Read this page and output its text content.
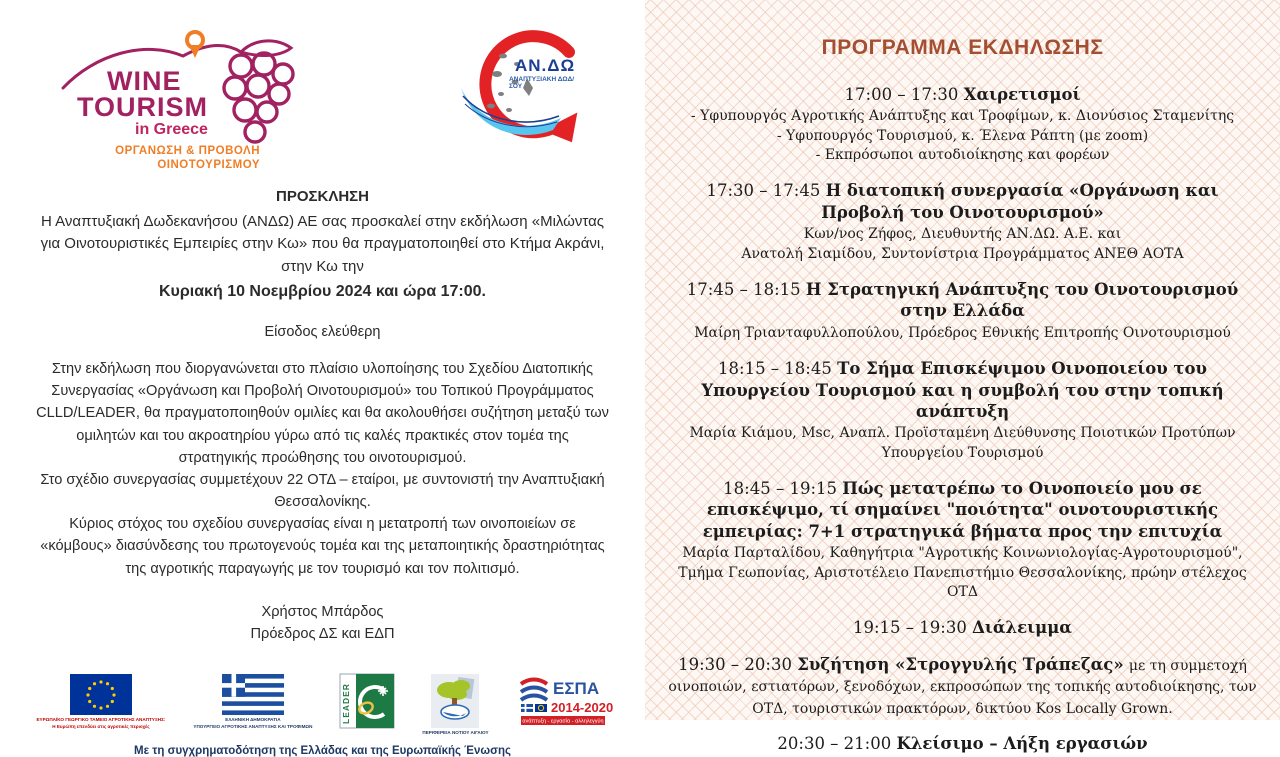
WINE
TOURISM
in Greece
ΟΡΓΑΝΩΣΗ & ΠΡΟΒΟΛΗ
ΟΙΝΟΤΟΥΡΙΣΜΟΥ
ΑΝ.ΔΩ
ΑΝΑΠΤΥΞΙΑΚΗ ΔΩΔ/ΣΟΥ
ΠΡΟΣΚΛΗΣΗ
Η Αναπτυξιακή Δωδεκανήσου (ΑΝΔΩ) ΑΕ σας προσκαλεί στην εκδήλωση «Μιλώντας για Οινοτουριστικές Εμπειρίες στην Κω» που θα πραγματοποιηθεί στο Κτήμα Ακράνι, στην Κω την
Κυριακή 10 Νοεμβρίου 2024 και ώρα 17:00.
Είσοδος ελεύθερη
Στην εκδήλωση που διοργανώνεται στο πλαίσιο υλοποίησης του Σχεδίου Διατοπικής Συνεργασίας «Οργάνωση και Προβολή Οινοτουρισμού» του Τοπικού Προγράμματος CLLD/LEADER, θα πραγματοποιηθούν ομιλίες και θα ακολουθήσει συζήτηση μεταξύ των ομιλητών και του ακροατηρίου γύρω από τις καλές πρακτικές στον τομέα της στρατηγικής προώθησης του οινοτουρισμού.
Στο σχέδιο συνεργασίας συμμετέχουν 22 ΟΤΔ – εταίροι, με συντονιστή την Αναπτυξιακή Θεσσαλονίκης.
Κύριος στόχος του σχεδίου συνεργασίας είναι η μετατροπή των οινοποιείων σε «κόμβους» διασύνδεσης του πρωτογενούς τομέα και της μεταποιητικής δραστηριότητας της αγροτικής παραγωγής με τον τουρισμό και τον πολιτισμό.
Χρήστος Μπάρδος
Πρόεδρος ΔΣ και ΕΔΠ
ΕΥΡΩΠΑΪΚΟ ΓΕΩΡΓΙΚΟ ΤΑΜΕΙΟ ΑΓΡΟΤΙΚΗΣ ΑΝΑΠΤΥΞΗΣ:
Η Ευρώπη επενδύει στις αγροτικές περιοχές
ΕΛΛΗΝΙΚΗ ΔΗΜΟΚΡΑΤΙΑ
ΥΠΟΥΡΓΕΙΟ ΑΓΡΟΤΙΚΗΣ ΑΝΑΠΤΥΞΗΣ ΚΑΙ ΤΡΟΦΙΜΩΝ
LEADER
ΠΕΡΙΦΕΡΕΙΑ ΝΟΤΙΟΥ ΑΙΓΑΙΟΥ
ΕΣΠΑ
2014-2020
ανάπτυξη - εργασία - αλληλεγγύη
Με τη συγχρηματοδότηση της Ελλάδας και της Ευρωπαϊκής Ένωσης
ΠΡΟΓΡΑΜΜΑ ΕΚΔΗΛΩΣΗΣ
17:00 – 17:30 Χαιρετισμοί
- Υφυπουργός Αγροτικής Ανάπτυξης και Τροφίμων, κ. Διονύσιος Σταμενίτης
- Υφυπουργός Τουρισμού, κ. Έλενα Ράπτη (με zoom)
- Εκπρόσωποι αυτοδιοίκησης και φορέων
17:30 – 17:45 Η διατοπική συνεργασία «Οργάνωση και Προβολή του Οινοτουρισμού»
Κων/νος Ζήφος, Διευθυντής ΑΝ.ΔΩ. Α.Ε. και
Ανατολή Σιαμίδου, Συντονίστρια Προγράμματος ΑΝΕΘ ΑΟΤΑ
17:45 – 18:15 Η Στρατηγική Ανάπτυξης του Οινοτουρισμού στην Ελλάδα
Μαίρη Τριανταφυλλοπούλου, Πρόεδρος Εθνικής Επιτροπής Οινοτουρισμού
18:15 – 18:45 Το Σήμα Επισκέψιμου Οινοποιείου του Υπουργείου Τουρισμού και η συμβολή του στην τοπική ανάπτυξη
Μαρία Κιάμου, Msc, Αναπλ. Προϊσταμένη Διεύθυνσης Ποιοτικών Προτύπων Υπουργείου Τουρισμού
18:45 – 19:15 Πώς μετατρέπω το Οινοποιείο μου σε επισκέψιμο, τί σημαίνει "ποιότητα" οινοτουριστικής εμπειρίας: 7+1 στρατηγικά βήματα προς την επιτυχία
Μαρία Παρταλίδου, Καθηγήτρια "Αγροτικής Κοινωνιολογίας-Αγροτουρισμού", Τμήμα Γεωπονίας, Αριστοτέλειο Πανεπιστήμιο Θεσσαλονίκης, πρώην στέλεχος ΟΤΔ
19:15 – 19:30 Διάλειμμα
19:30 – 20:30 Συζήτηση «Στρογγυλής Τράπεζας» με τη συμμετοχή οινοποιών, εστιατόρων, ξενοδόχων, εκπροσώπων της τοπικής αυτοδιοίκησης, των ΟΤΔ, τουριστικών πρακτόρων, δικτύου Kos Locally Grown.
20:30 – 21:00 Κλείσιμο – Λήξη εργασιών
